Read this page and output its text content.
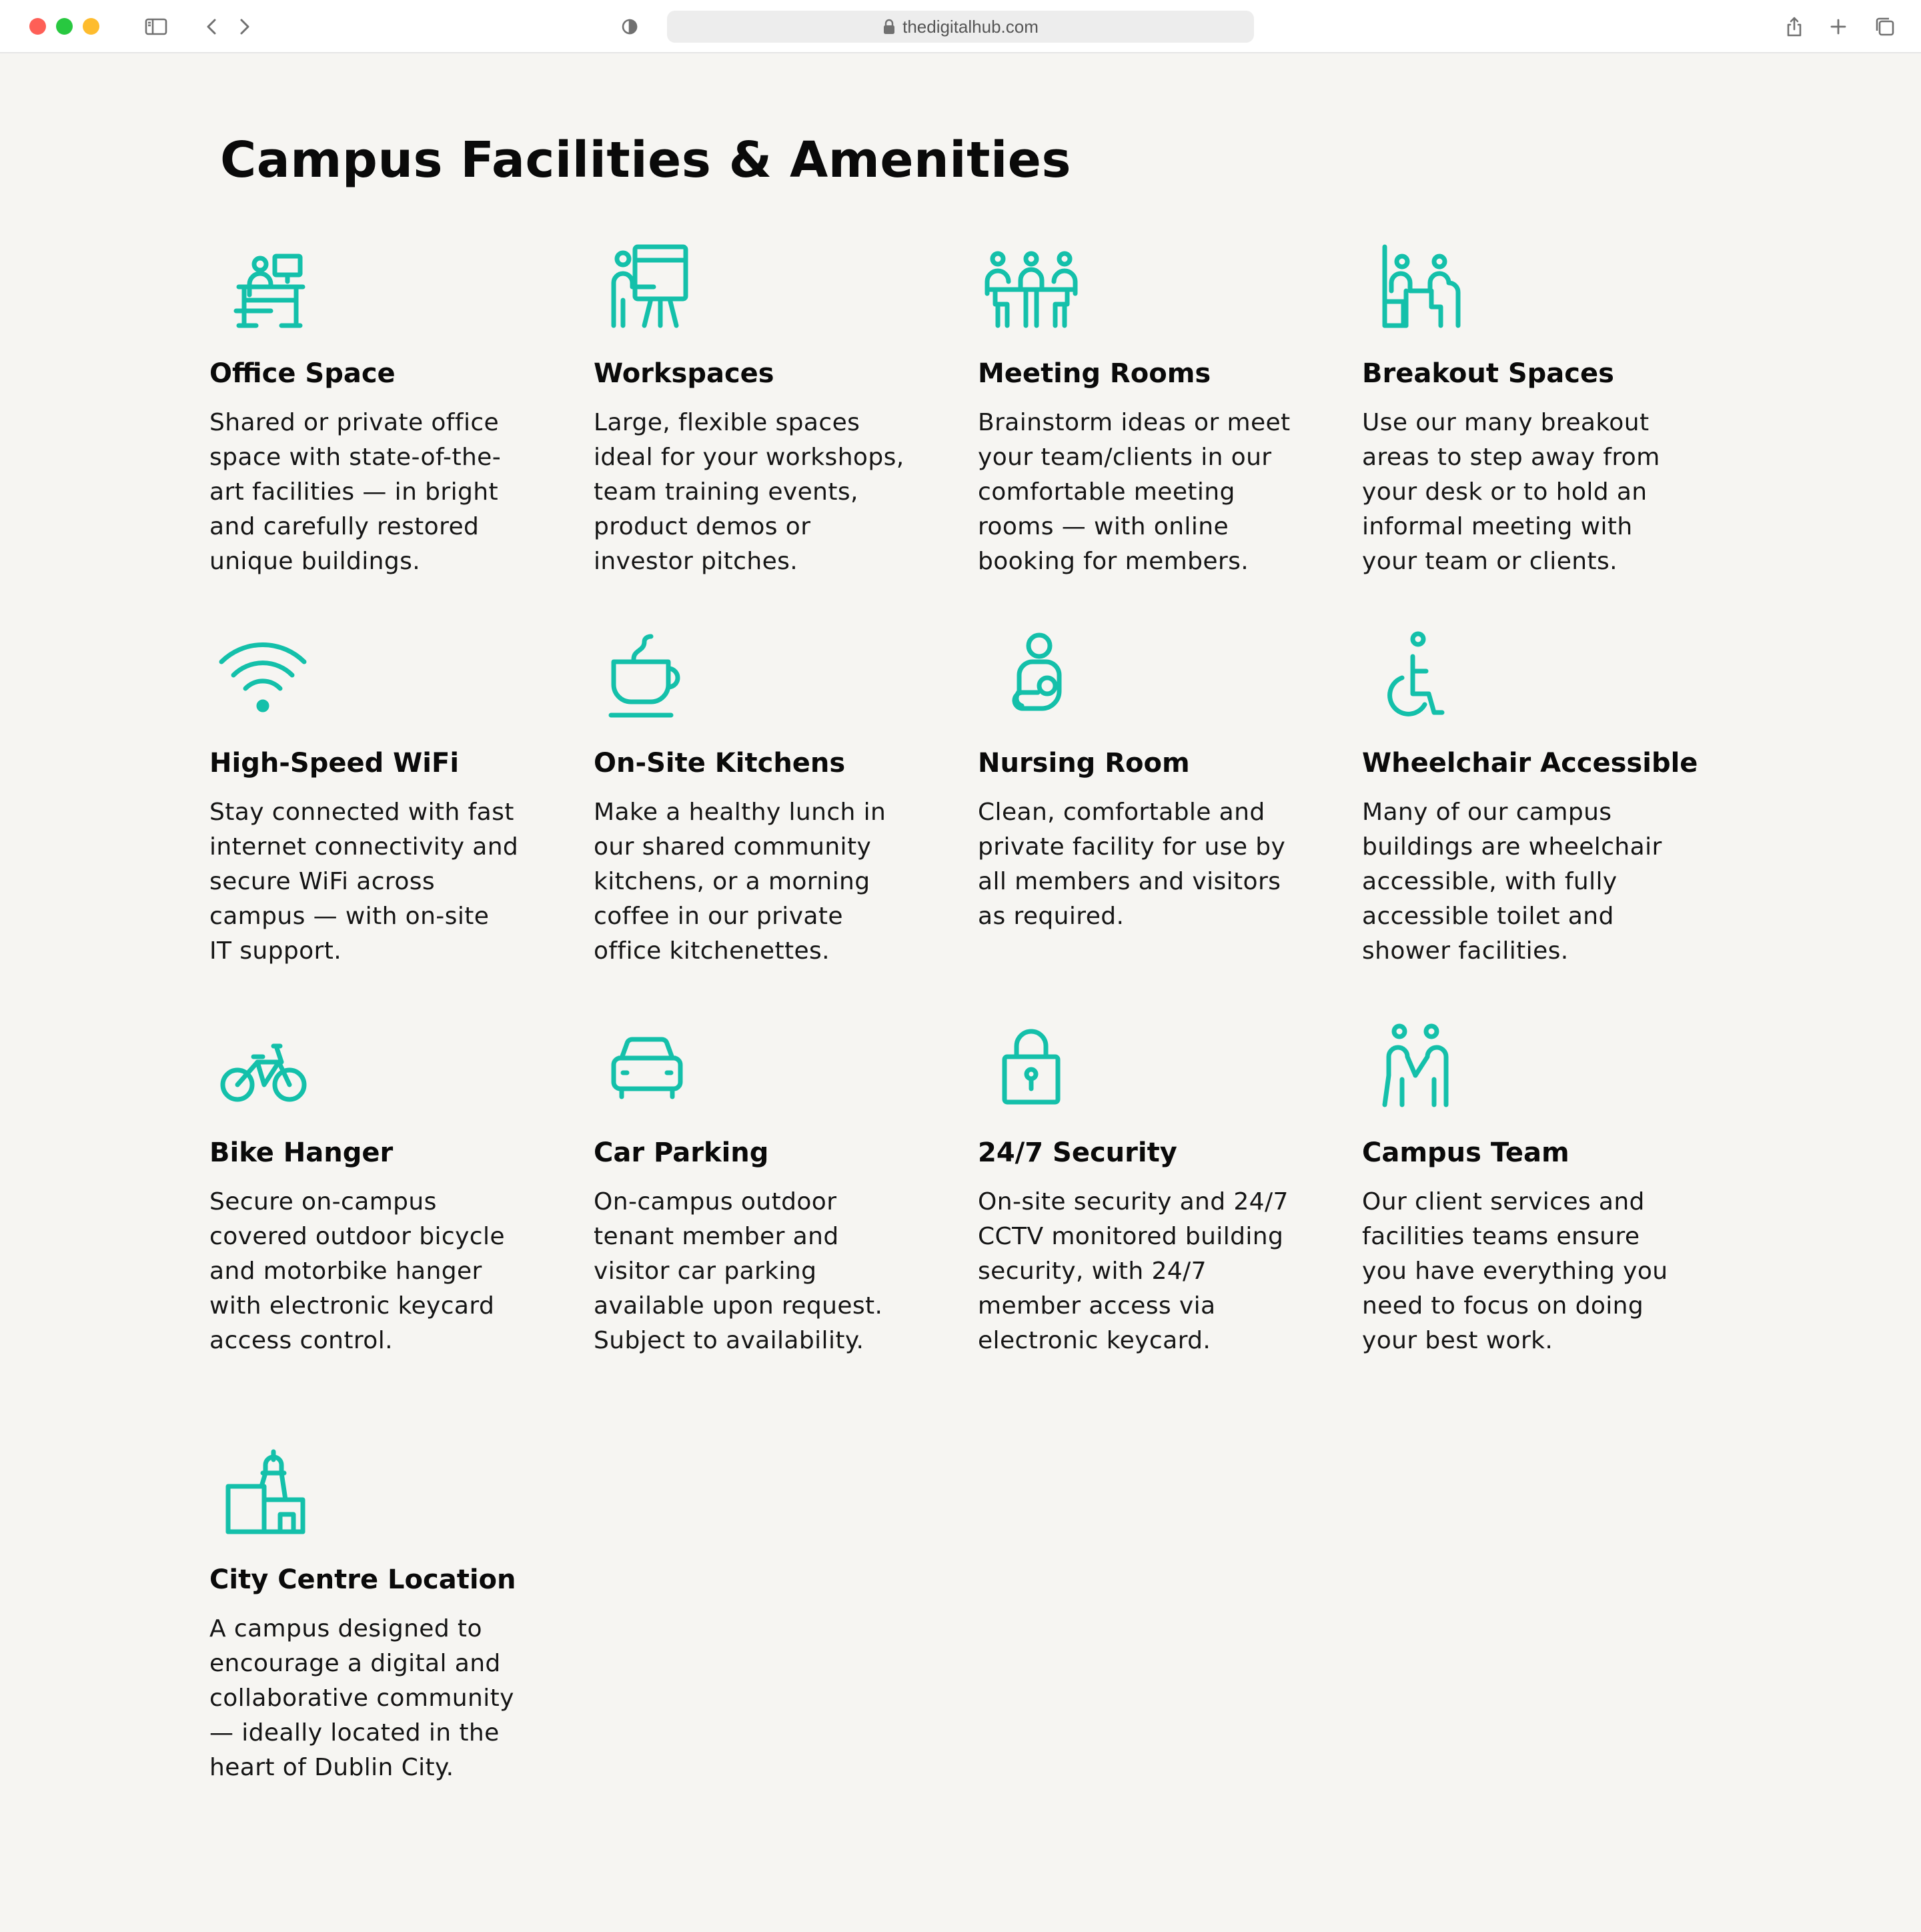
thedigitalhub.com
Campus Facilities & Amenities
Office Space
Shared or private office
space with state-of-the-
art facilities — in bright
and carefully restored
unique buildings.
Workspaces
Large, flexible spaces
ideal for your workshops,
team training events,
product demos or
investor pitches.
Meeting Rooms
Brainstorm ideas or meet
your team/clients in our
comfortable meeting
rooms — with online
booking for members.
Breakout Spaces
Use our many breakout
areas to step away from
your desk or to hold an
informal meeting with
your team or clients.
High-Speed WiFi
Stay connected with fast
internet connectivity and
secure WiFi across
campus — with on-site
IT support.
On-Site Kitchens
Make a healthy lunch in
our shared community
kitchens, or a morning
coffee in our private
office kitchenettes.
Nursing Room
Clean, comfortable and
private facility for use by
all members and visitors
as required.
Wheelchair Accessible
Many of our campus
buildings are wheelchair
accessible, with fully
accessible toilet and
shower facilities.
Bike Hanger
Secure on-campus
covered outdoor bicycle
and motorbike hanger
with electronic keycard
access control.
Car Parking
On-campus outdoor
tenant member and
visitor car parking
available upon request.
Subject to availability.
24/7 Security
On-site security and 24/7
CCTV monitored building
security, with 24/7
member access via
electronic keycard.
Campus Team
Our client services and
facilities teams ensure
you have everything you
need to focus on doing
your best work.
City Centre Location
A campus designed to
encourage a digital and
collaborative community
— ideally located in the
heart of Dublin City.
